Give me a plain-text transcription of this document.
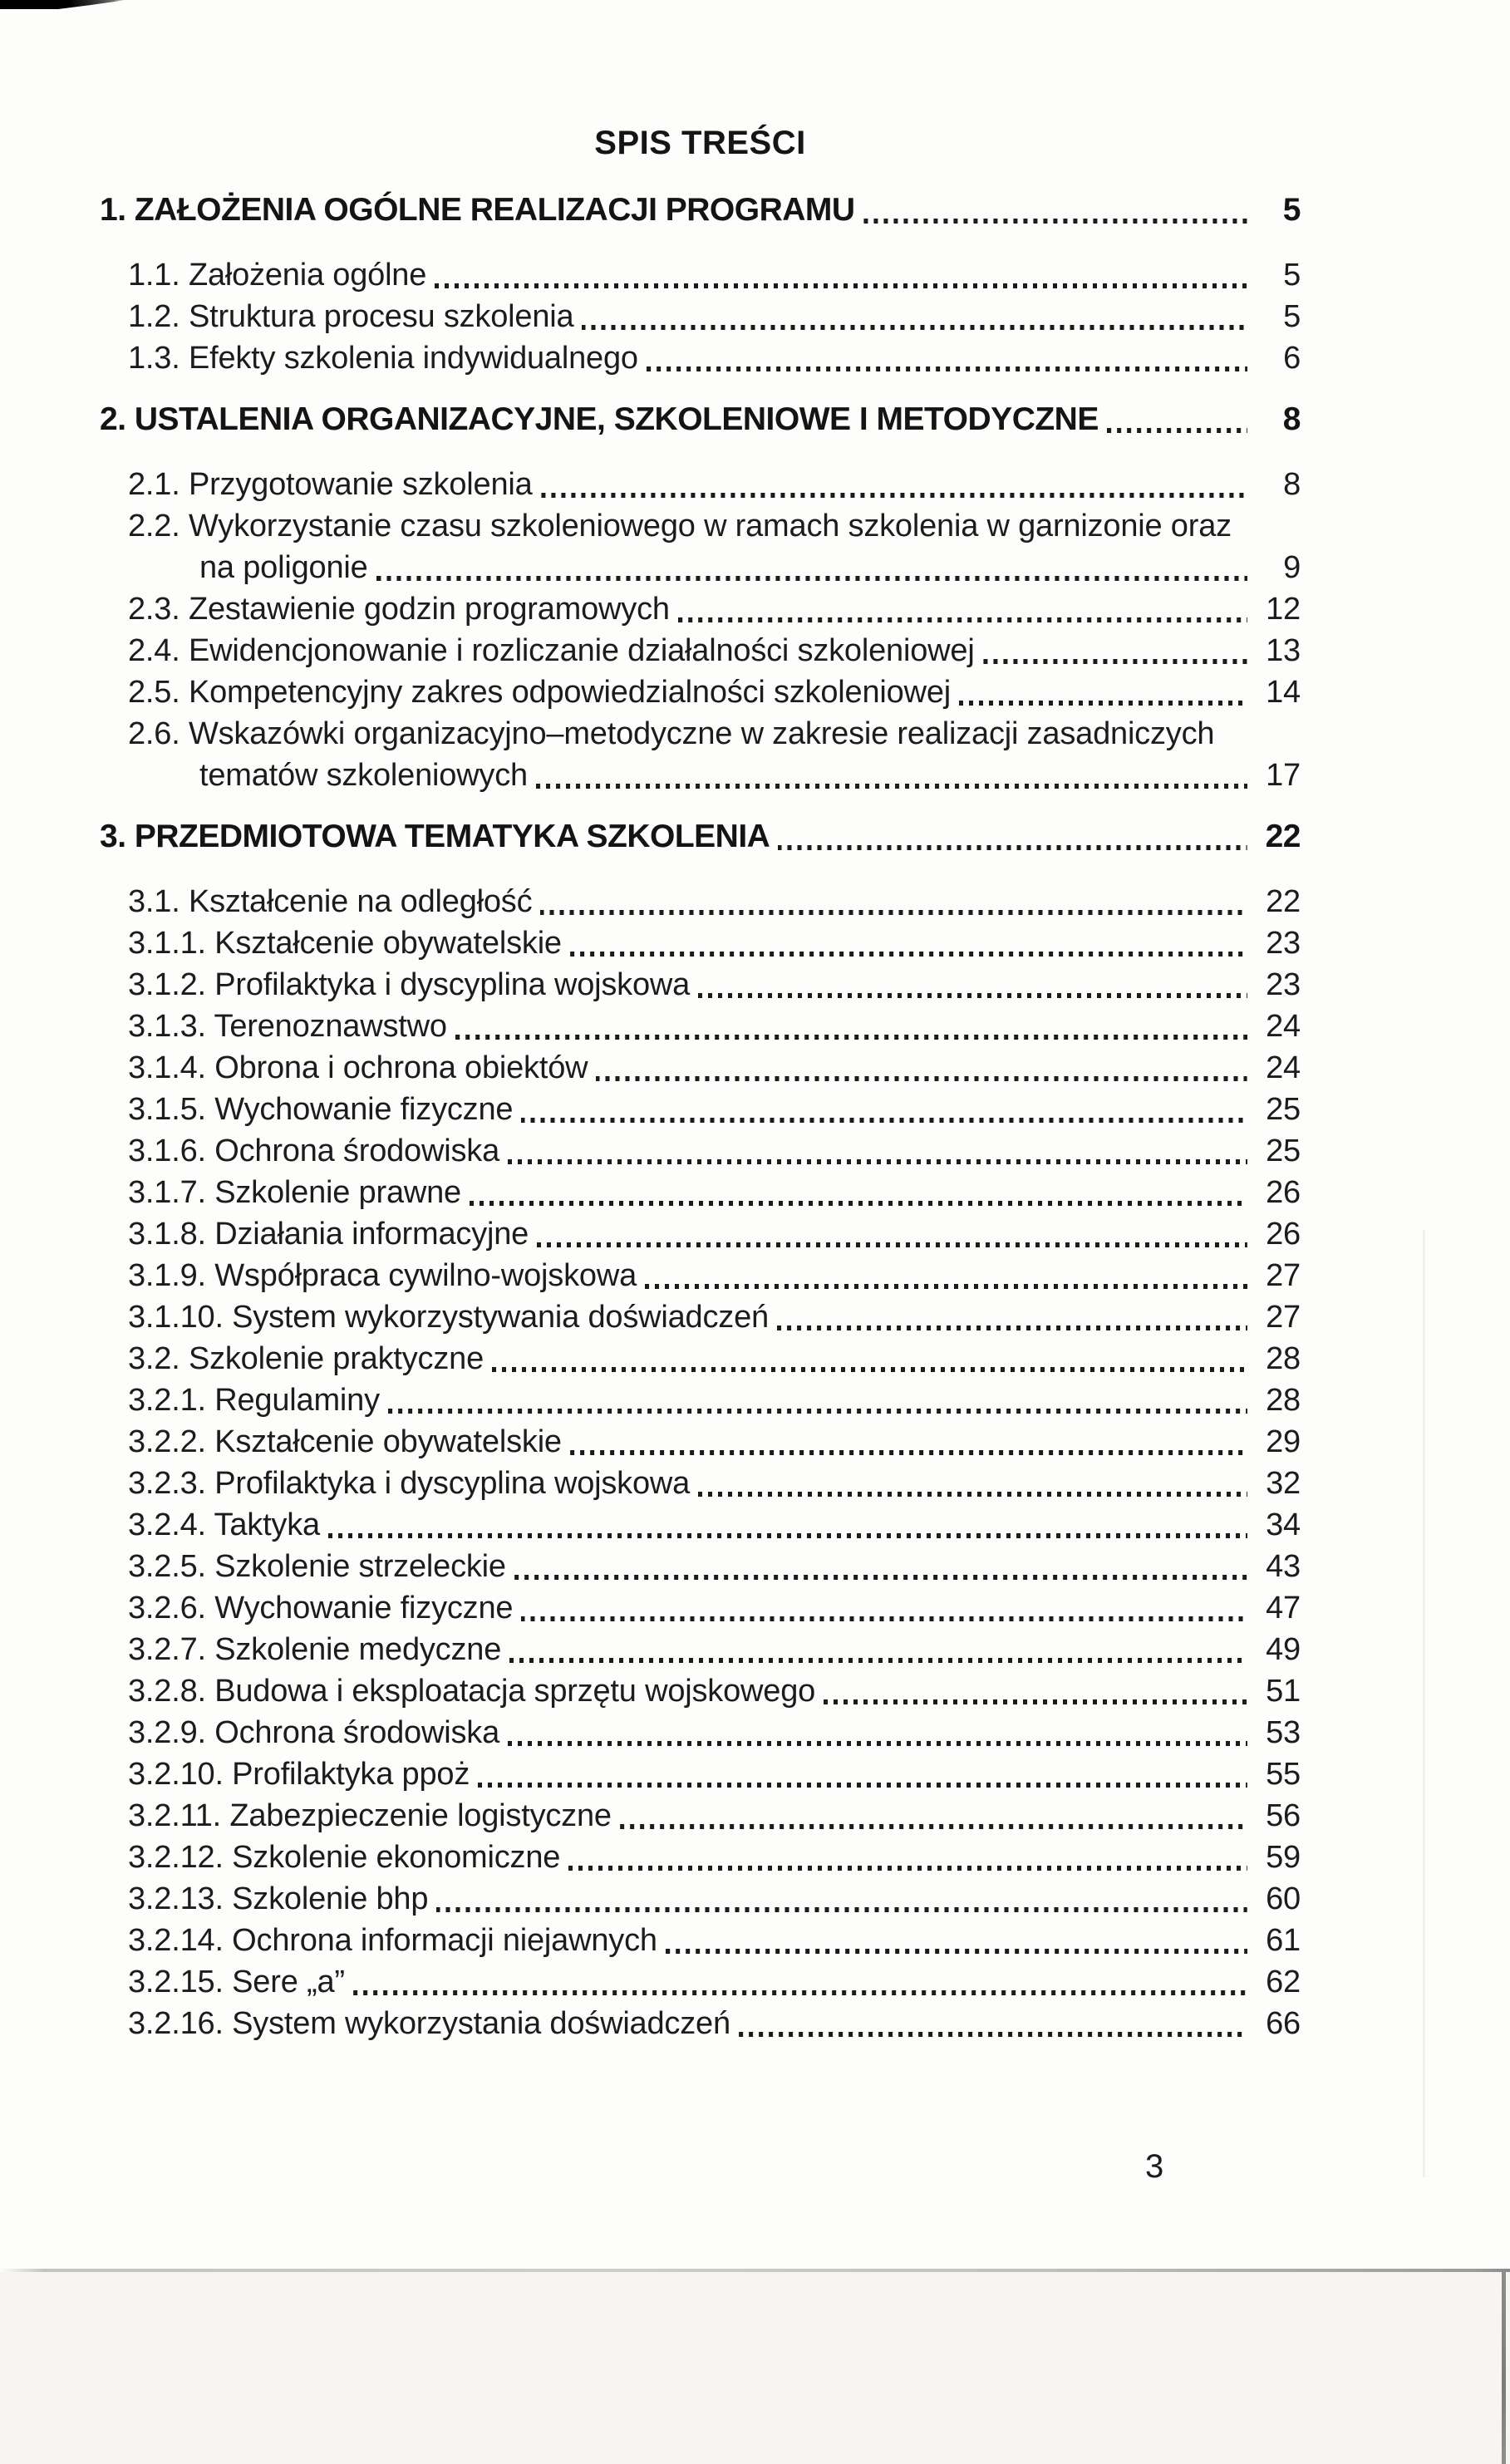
SPIS TREŚCI
1. ZAŁOŻENIA OGÓLNE REALIZACJI PROGRAMU	5
1.1. Założenia ogólne	5
1.2. Struktura procesu szkolenia	5
1.3. Efekty szkolenia indywidualnego	6
2. USTALENIA ORGANIZACYJNE, SZKOLENIOWE I METODYCZNE	8
2.1. Przygotowanie szkolenia	8
2.2. Wykorzystanie czasu szkoleniowego w ramach szkolenia w garnizonie oraz
na poligonie	9
2.3. Zestawienie godzin programowych	12
2.4. Ewidencjonowanie i rozliczanie działalności szkoleniowej	13
2.5. Kompetencyjny zakres odpowiedzialności szkoleniowej	14
2.6. Wskazówki organizacyjno–metodyczne w zakresie realizacji zasadniczych
tematów szkoleniowych	17
3. PRZEDMIOTOWA TEMATYKA SZKOLENIA	22
3.1. Kształcenie na odległość	22
3.1.1. Kształcenie obywatelskie	23
3.1.2. Profilaktyka i dyscyplina wojskowa	23
3.1.3. Terenoznawstwo	24
3.1.4. Obrona i ochrona obiektów	24
3.1.5. Wychowanie fizyczne	25
3.1.6. Ochrona środowiska	25
3.1.7. Szkolenie prawne	26
3.1.8. Działania informacyjne	26
3.1.9. Współpraca cywilno-wojskowa	27
3.1.10. System wykorzystywania doświadczeń	27
3.2. Szkolenie praktyczne	28
3.2.1. Regulaminy	28
3.2.2. Kształcenie obywatelskie	29
3.2.3. Profilaktyka i dyscyplina wojskowa	32
3.2.4. Taktyka	34
3.2.5. Szkolenie strzeleckie	43
3.2.6. Wychowanie fizyczne	47
3.2.7. Szkolenie medyczne	49
3.2.8. Budowa i eksploatacja sprzętu wojskowego	51
3.2.9. Ochrona środowiska	53
3.2.10. Profilaktyka ppoż	55
3.2.11. Zabezpieczenie logistyczne	56
3.2.12. Szkolenie ekonomiczne	59
3.2.13. Szkolenie bhp	60
3.2.14. Ochrona informacji niejawnych	61
3.2.15. Sere „a”	62
3.2.16. System wykorzystania doświadczeń	66
3
